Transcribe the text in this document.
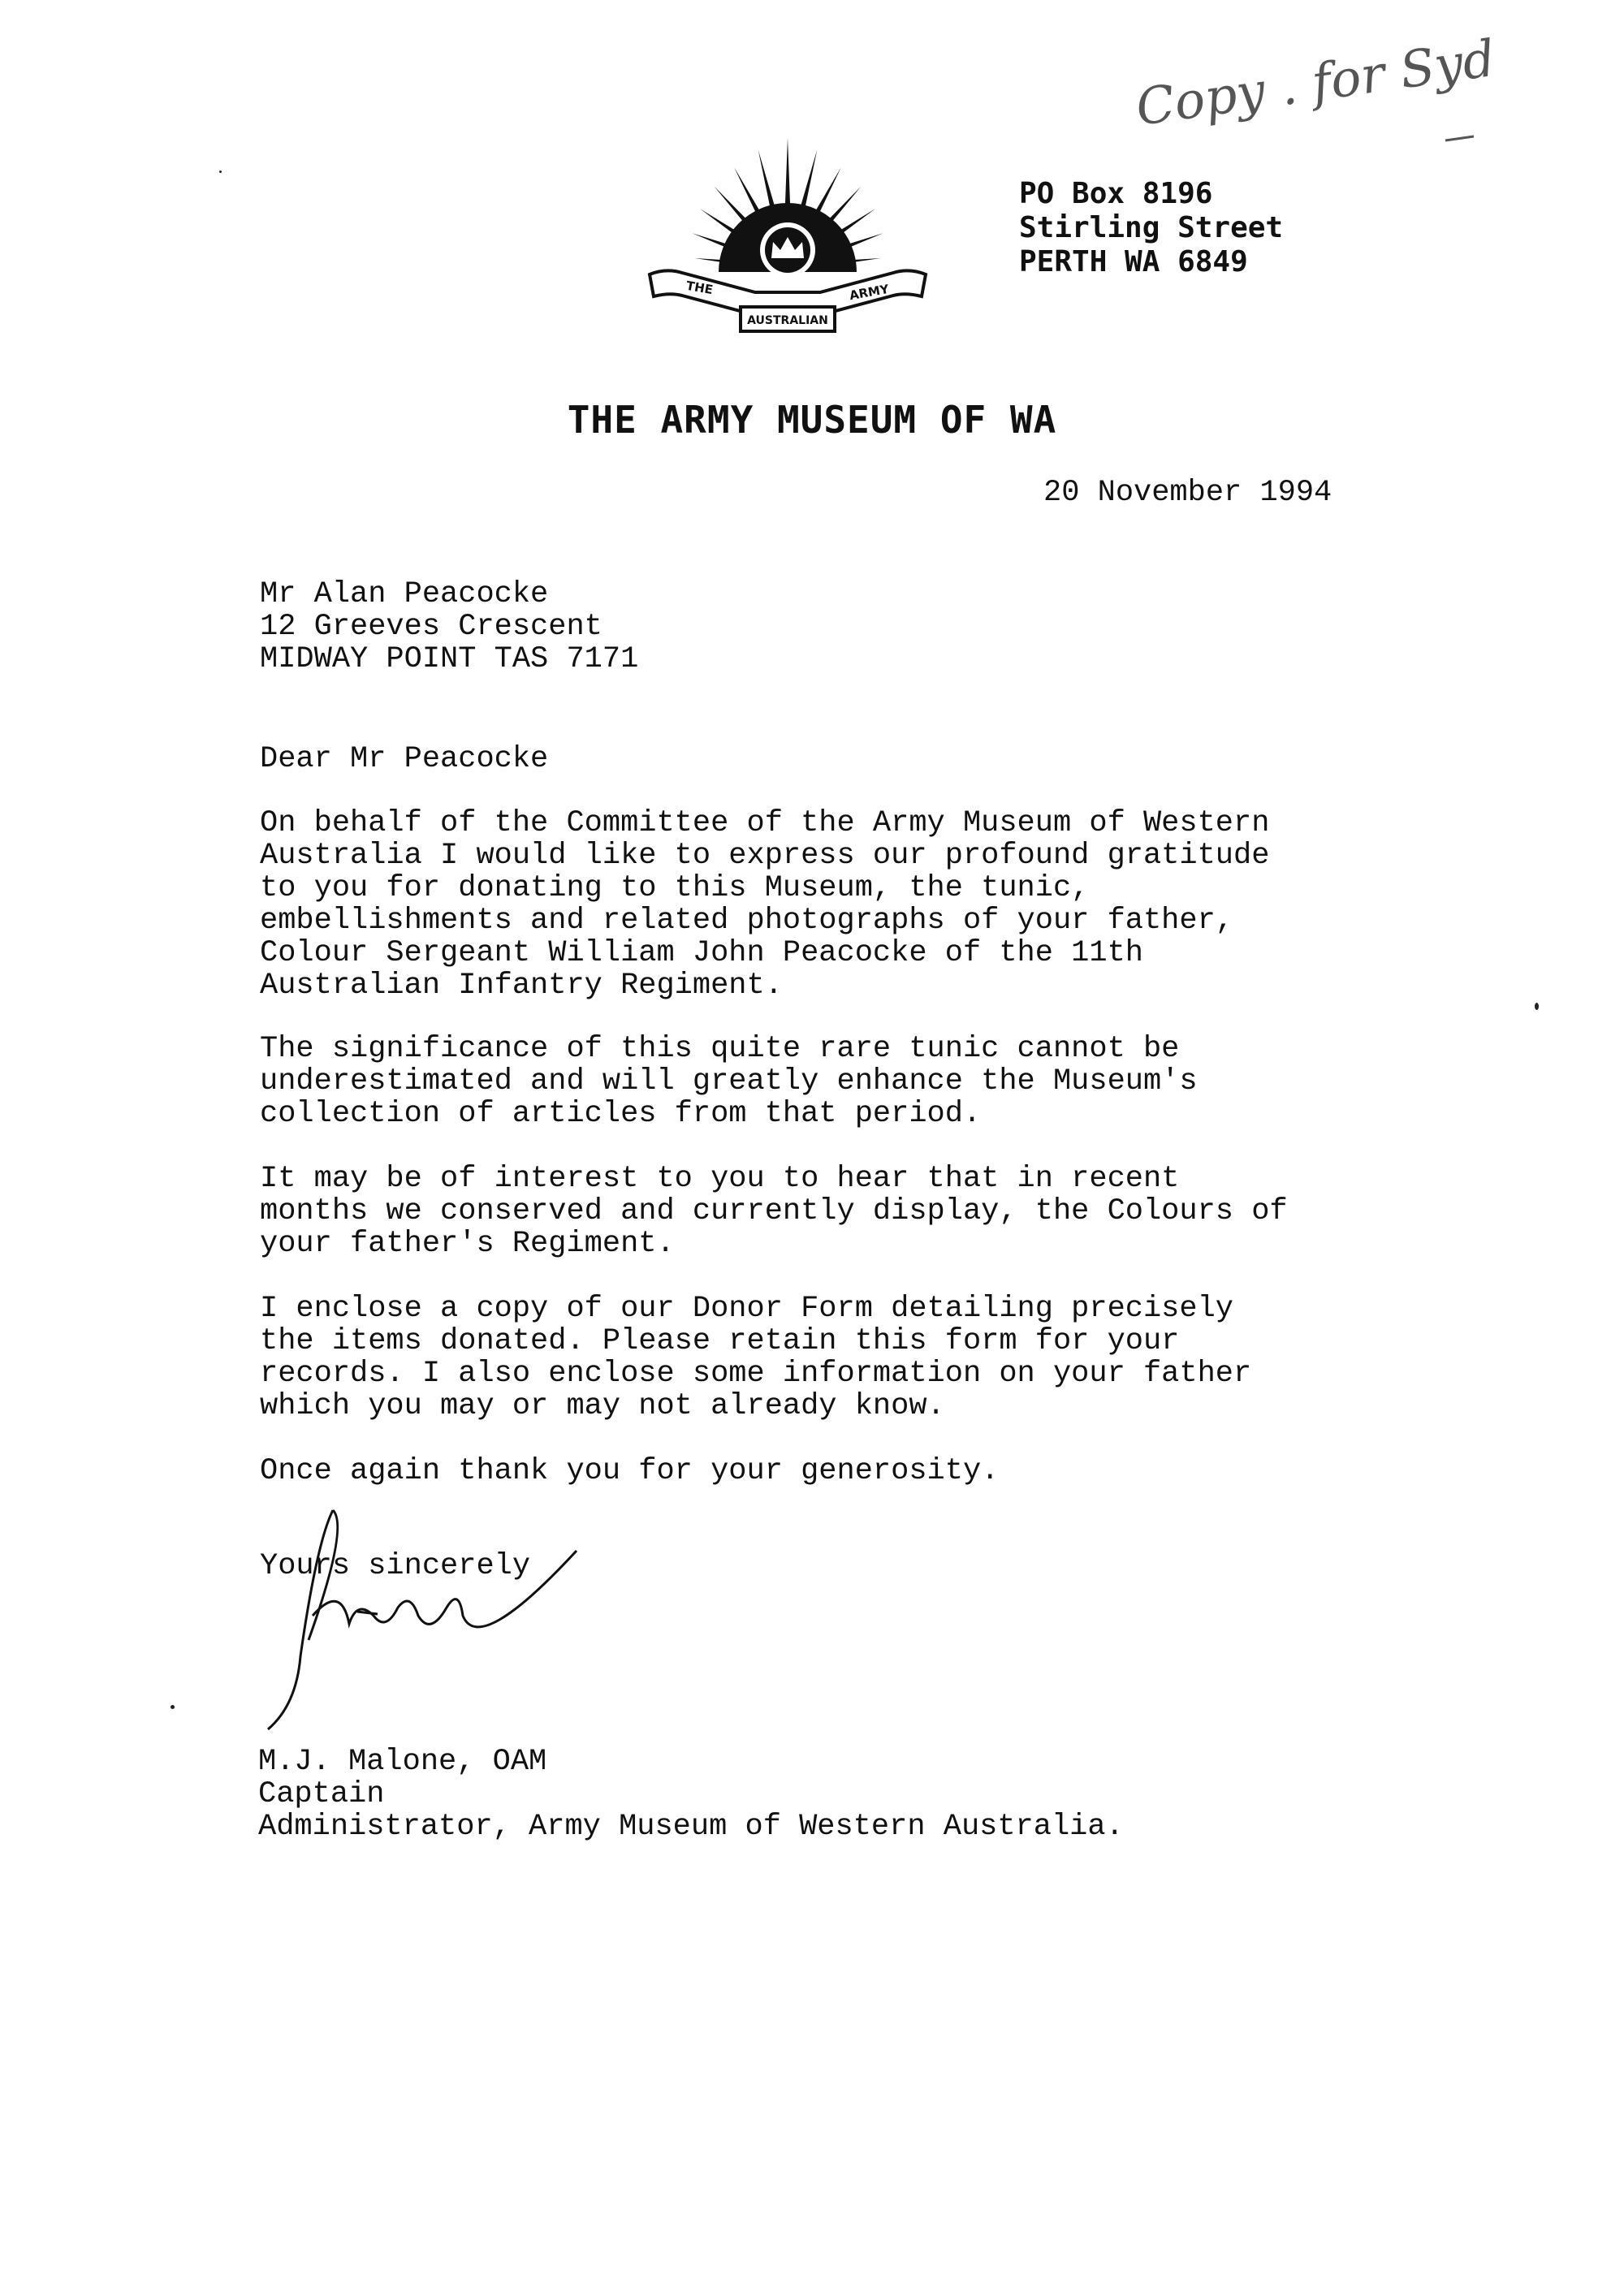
Copy . for Syd
THE	ARMY
AUSTRALIAN
PO Box 8196
Stirling Street
PERTH WA 6849
THE ARMY MUSEUM OF WA
20 November 1994
Mr Alan Peacocke
12 Greeves Crescent
MIDWAY POINT TAS 7171
Dear Mr Peacocke
On behalf of the Committee of the Army Museum of Western
Australia I would like to express our profound gratitude
to you for donating to this Museum, the tunic,
embellishments and related photographs of your father,
Colour Sergeant William John Peacocke of the 11th
Australian Infantry Regiment.
The significance of this quite rare tunic cannot be
underestimated and will greatly enhance the Museum's
collection of articles from that period.
It may be of interest to you to hear that in recent
months we conserved and currently display, the Colours of
your father's Regiment.
I enclose a copy of our Donor Form detailing precisely
the items donated. Please retain this form for your
records. I also enclose some information on your father
which you may or may not already know.
Once again thank you for your generosity.
Yours sincerely
M.J. Malone, OAM
Captain
Administrator, Army Museum of Western Australia.
